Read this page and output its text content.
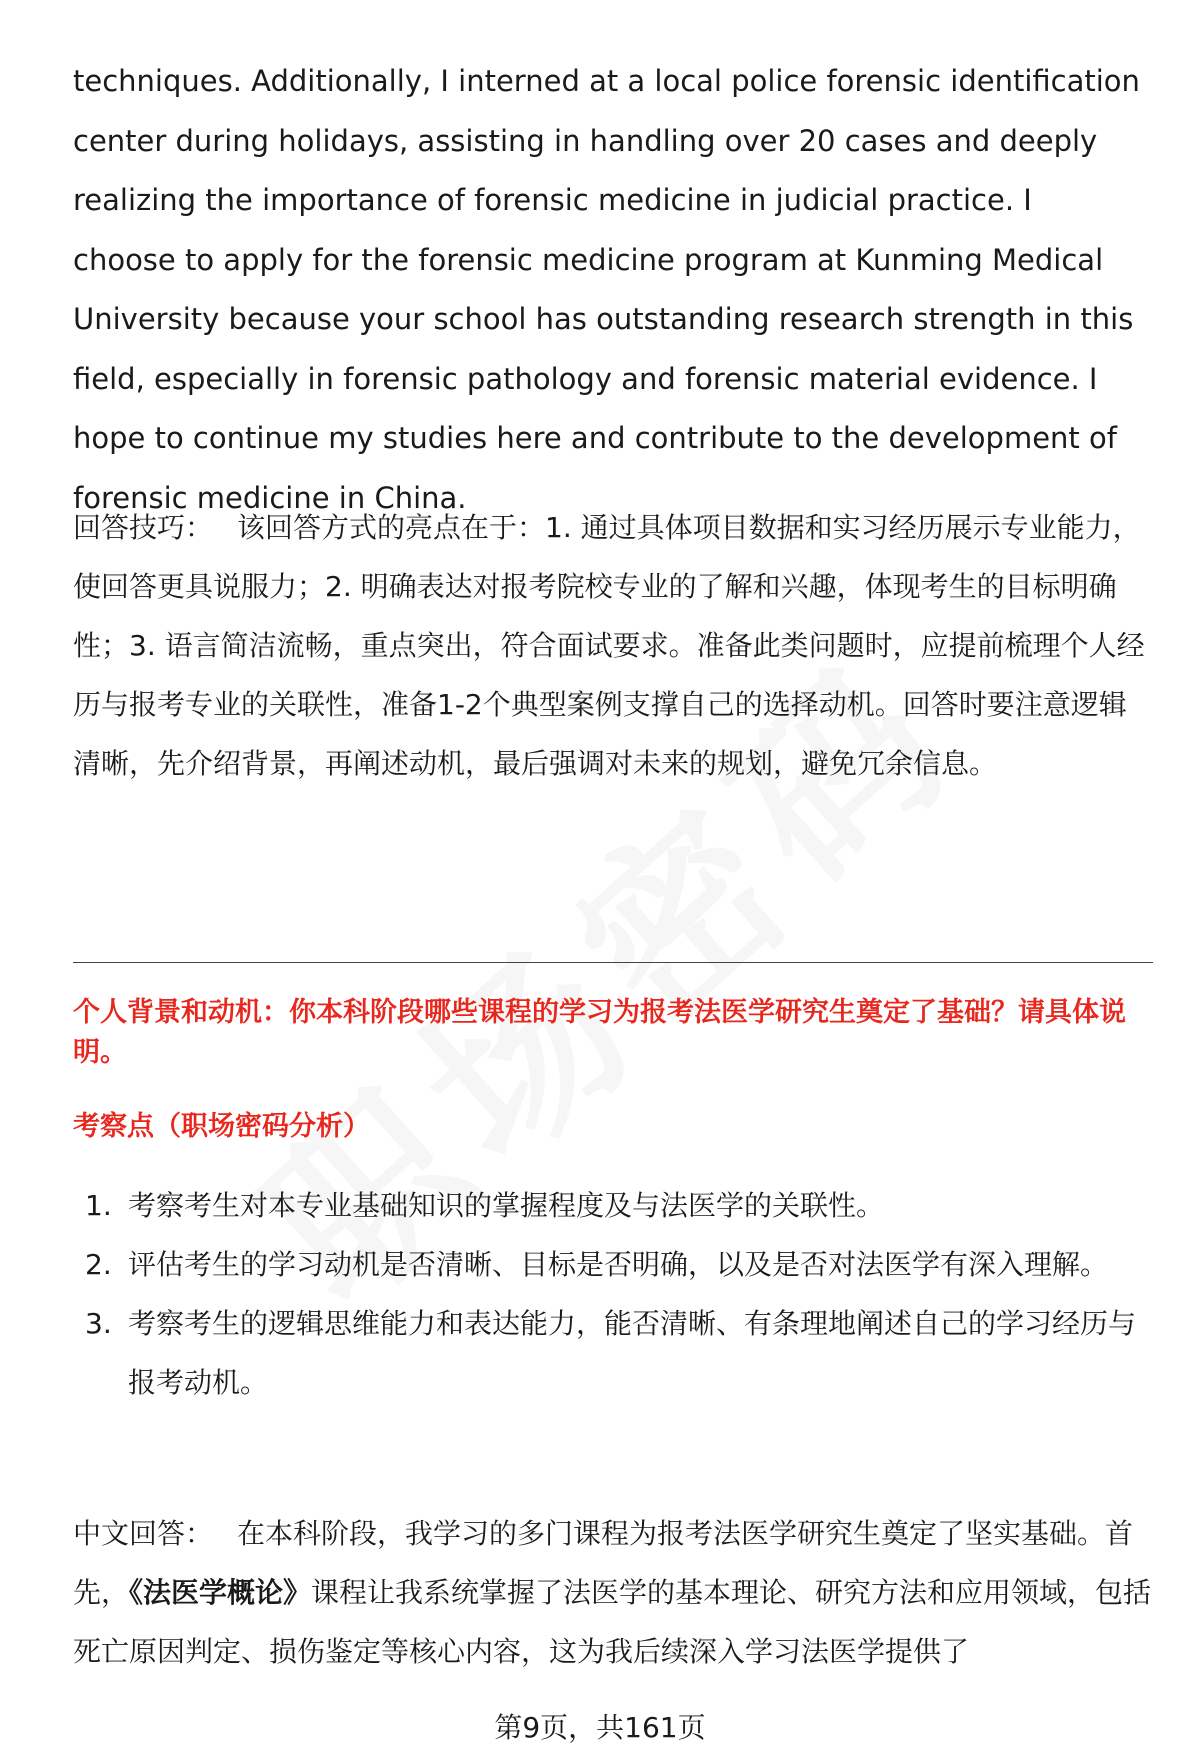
techniques. Additionally, I interned at a local police forensic identification center during holidays, assisting in handling over 20 cases and deeply realizing the importance of forensic medicine in judicial practice. I choose to apply for the forensic medicine program at Kunming Medical University because your school has outstanding research strength in this field, especially in forensic pathology and forensic material evidence. I hope to continue my studies here and contribute to the development of forensic medicine in China.

回答技巧： 该回答方式的亮点在于：1. 通过具体项目数据和实习经历展示专业能力，使回答更具说服力；2. 明确表达对报考院校专业的了解和兴趣，体现考生的目标明确性；3. 语言简洁流畅，重点突出，符合面试要求。准备此类问题时，应提前梳理个人经历与报考专业的关联性，准备1-2个典型案例支撑自己的选择动机。回答时要注意逻辑清晰，先介绍背景，再阐述动机，最后强调对未来的规划，避免冗余信息。

个人背景和动机：你本科阶段哪些课程的学习为报考法医学研究生奠定了基础？请具体说明。

考察点（职场密码分析）

1. 考察考生对本专业基础知识的掌握程度及与法医学的关联性。
2. 评估考生的学习动机是否清晰、目标是否明确，以及是否对法医学有深入理解。
3. 考察考生的逻辑思维能力和表达能力，能否清晰、有条理地阐述自己的学习经历与报考动机。

中文回答： 在本科阶段，我学习的多门课程为报考法医学研究生奠定了坚实基础。首先，《法医学概论》课程让我系统掌握了法医学的基本理论、研究方法和应用领域，包括死亡原因判定、损伤鉴定等核心内容，这为我后续深入学习法医学提供了

第9页，共161页
